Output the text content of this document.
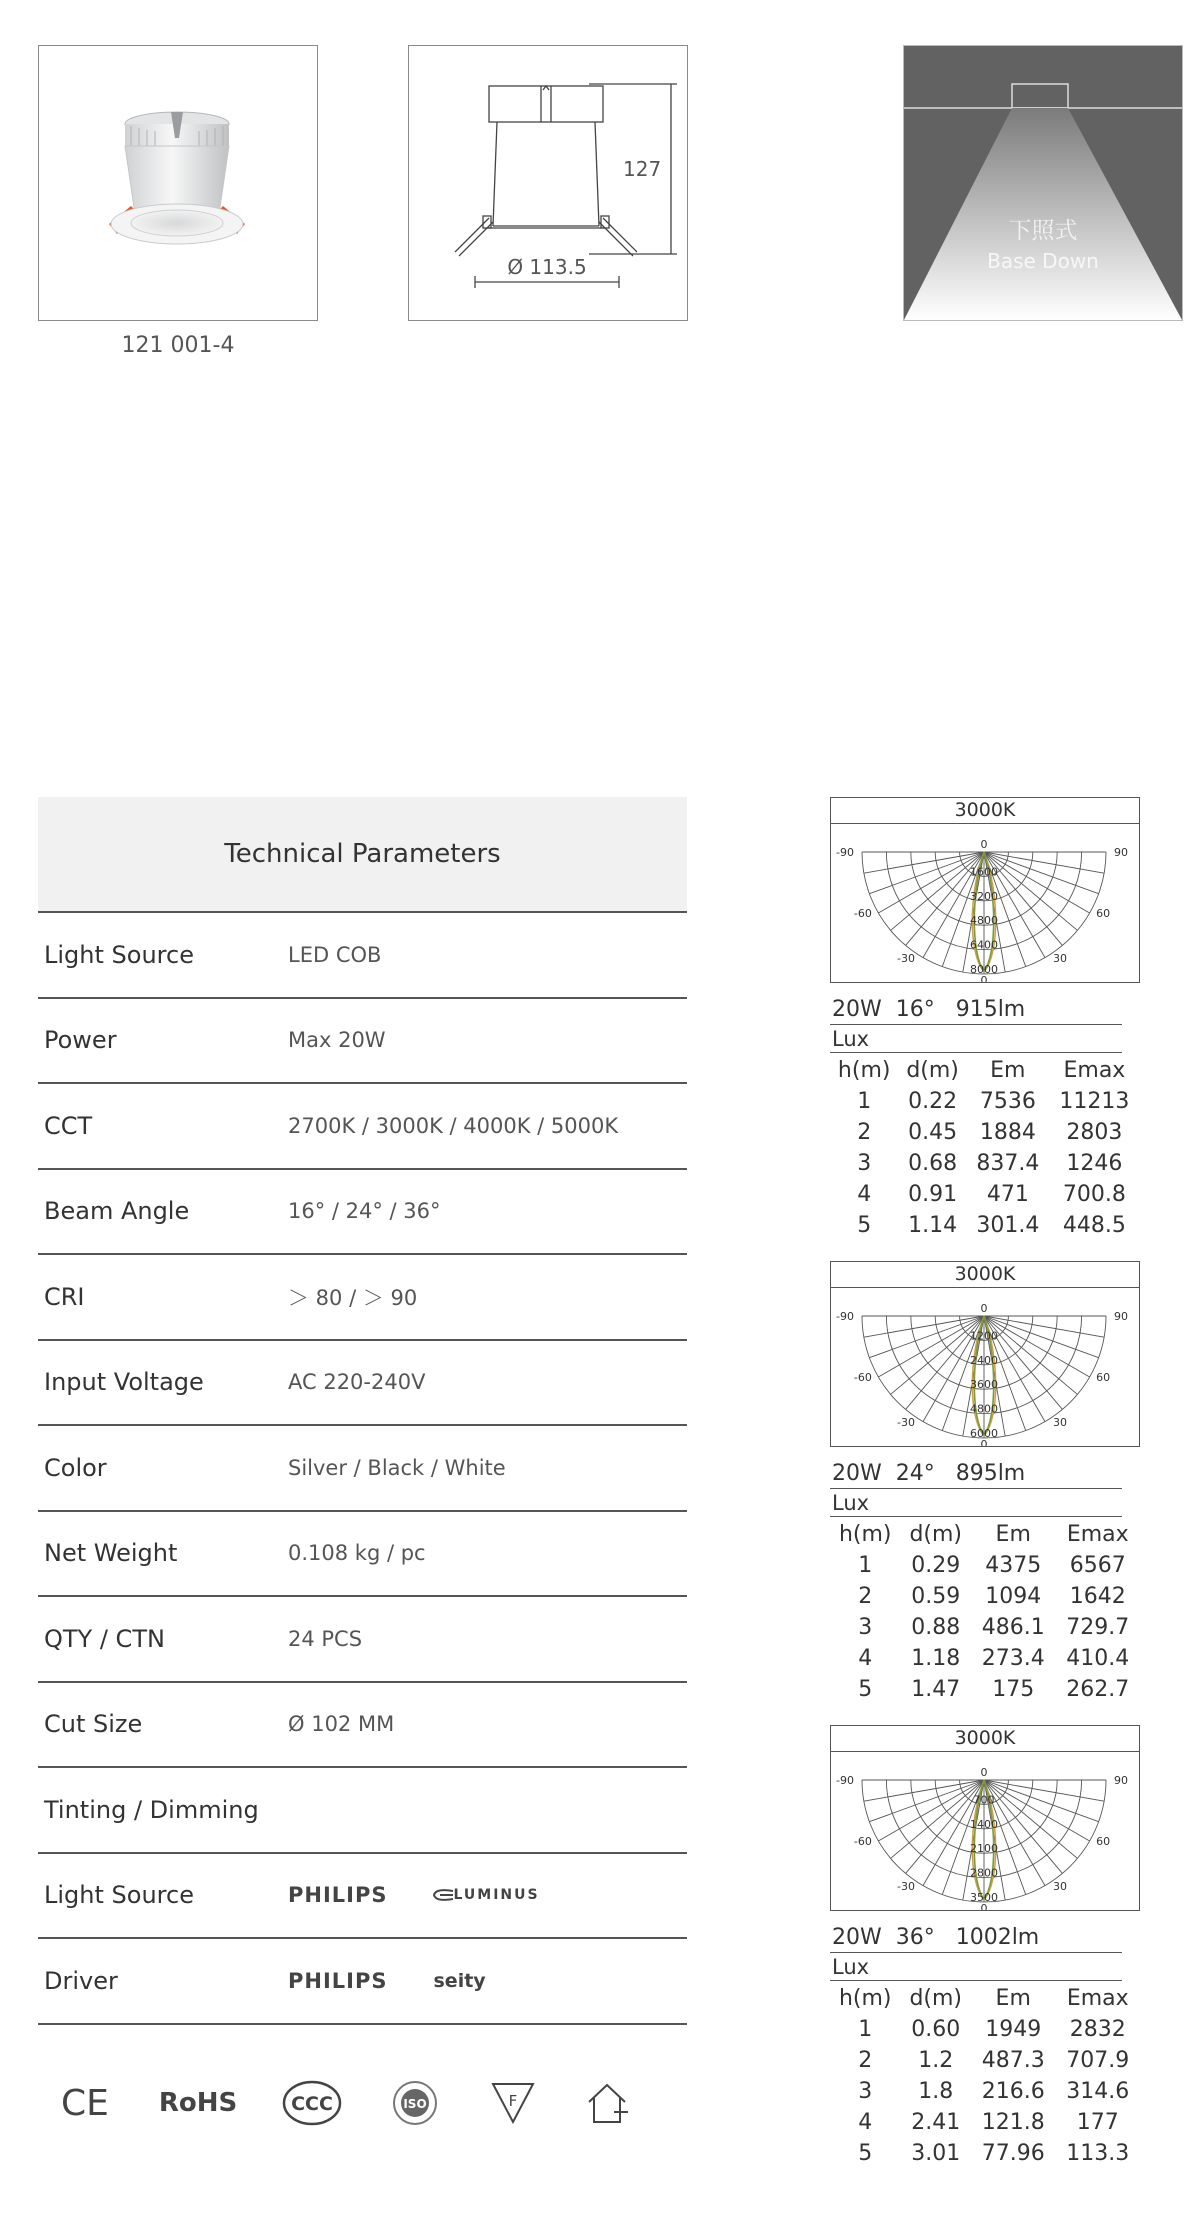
121 001-4
127
Ø 113.5
下照式
Base Down
Technical Parameters
Light Source	LED COB
Power	Max 20W
CCT	2700K / 3000K / 4000K / 5000K
Beam Angle	16° / 24° / 36°
CRI	＞ 80 / ＞ 90
Input Voltage	AC 220-240V
Color	Silver / Black / White
Net Weight	0.108 kg / pc
QTY / CTN	24 PCS
Cut Size	Ø 102 MM
Tinting / Dimming
Light Source	PHILIPS	LUMINUS
Driver	PHILIPS seity
CE RoHS	CCC	ISO	F
3000K
1600
3200
4800
6400
8000
0
0
-90	90
-60	60
-30	30
20W  16°   915lm
Lux
h(m)	d(m)	Em	Emax
1	0.22	7536	11213
2	0.45	1884	2803
3	0.68	837.4	1246
4	0.91	471	700.8
5	1.14	301.4	448.5
3000K
1200
2400
3600
4800
6000
0
0
-90	90
-60	60
-30	30
20W  24°   895lm
Lux
h(m)	d(m)	Em	Emax
1	0.29	4375	6567
2	0.59	1094	1642
3	0.88	486.1	729.7
4	1.18	273.4	410.4
5	1.47	175	262.7
3000K
700
1400
2100
2800
3500
0
0
-90	90
-60	60
-30	30
20W  36°   1002lm
Lux
h(m)	d(m)	Em	Emax
1	0.60	1949	2832
2	1.2	487.3	707.9
3	1.8	216.6	314.6
4	2.41	121.8	177
5	3.01	77.96	113.3
